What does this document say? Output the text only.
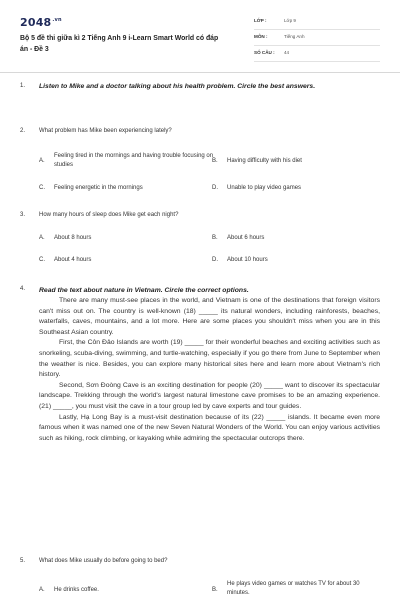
$2048^{.vn}$
Bộ 5 đề thi giữa kì 2 Tiếng Anh 9 i-Learn Smart World có đáp án - Đề 3
LỚP :	Lớp 9
MÔN :	Tiếng Anh
SỐ CÂU : 44
1. Listen to Mike and a doctor talking about his health problem. Circle the best answers.
2. What problem has Mike been experiencing lately?
A.
Feeling tired in the mornings and having trouble focusing on studies
B. Having difficulty with his diet
C. Feeling energetic in the mornings	D. Unable to play video games
3. How many hours of sleep does Mike get each night?
A. About 8 hours	B. About 6 hours
C. About 4 hours	D. About 10 hours
4. Read the text about nature in Vietnam. Circle the correct options.

There are many must-see places in the world, and Vietnam is one of the destinations that foreign visitors can't miss out on. The country is well-known (18) _____ its natural wonders, including rainforests, beaches, waterfalls, caves, mountains, and a lot more. Here are some places you shouldn't miss when you are in this Southeast Asian country.

First, the Côn Đảo Islands are worth (19) _____ for their wonderful beaches and exciting activities such as snorkeling, scuba-diving, swimming, and turtle-watching, especially if you go there from June to September when the weather is nice. Besides, you can explore many historical sites here and learn more about Vietnam's rich history.

Second, Sơn Đoòng Cave is an exciting destination for people (20) _____ want to discover its spectacular landscape. Trekking through the world's largest natural limestone cave promises to be an amazing experience. (21) _____, you must visit the cave in a tour group led by cave experts and tour guides.

Lastly, Hạ Long Bay is a must-visit destination because of its (22) _____ islands. It became even more famous when it was named one of the new Seven Natural Wonders of the World. You can enjoy various activities such as hiking, rock climbing, or kayaking while admiring the spectacular outcrops there.

5. What does Mike usually do before going to bed?
A. He drinks coffee.	B.
He plays video games or watches TV for about 30 minutes.
